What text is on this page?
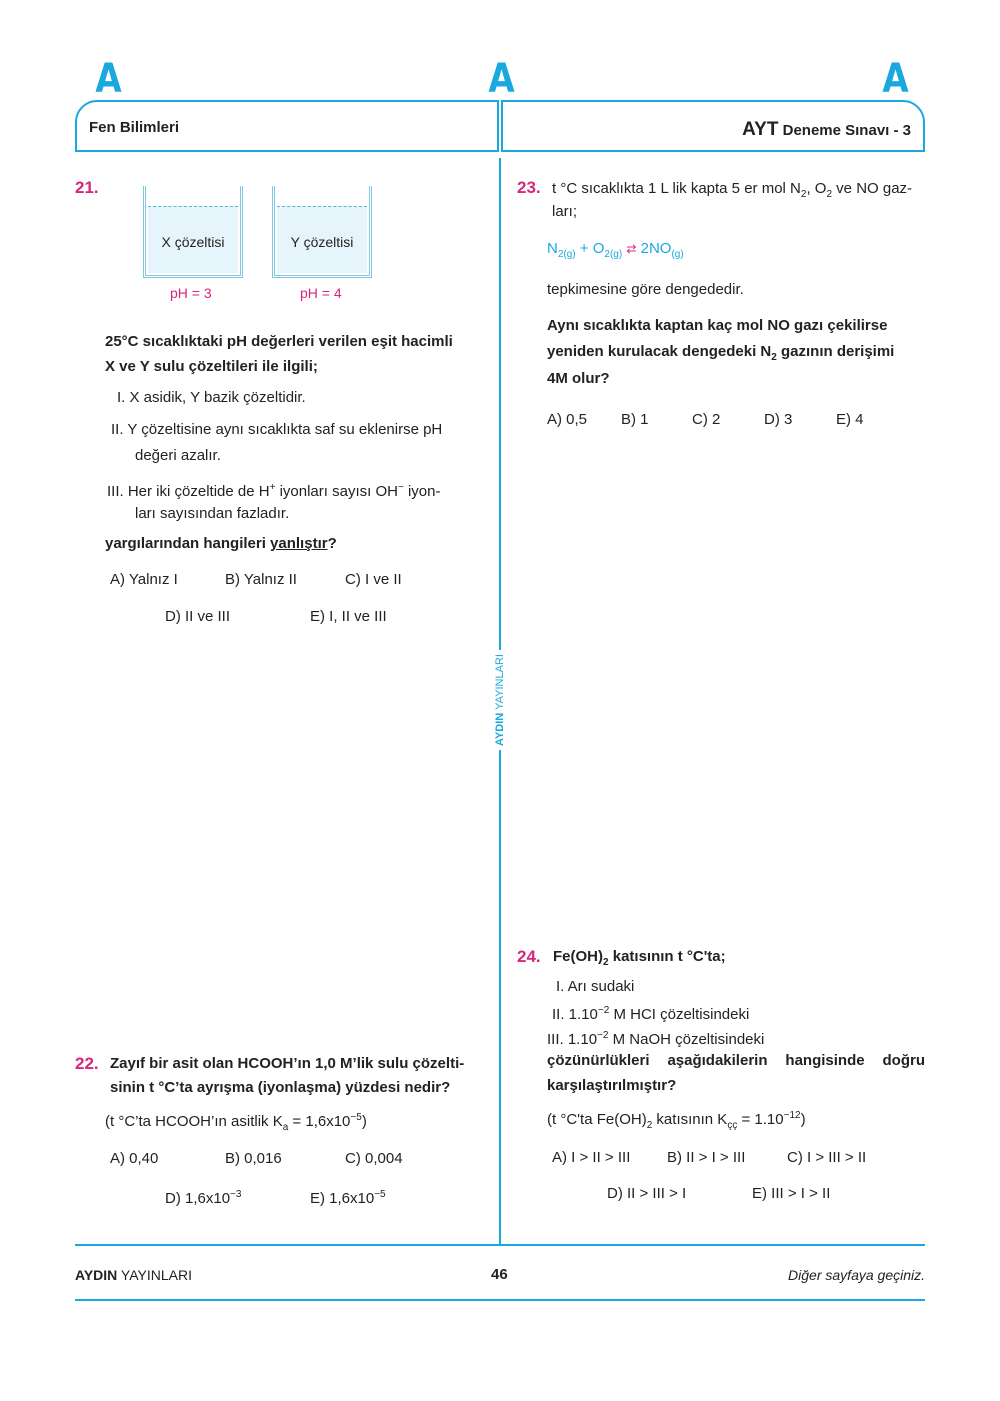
A	A	A
Fen Bilimleri	AYT Deneme Sınavı - 3
AYDIN YAYINLARI
21.
X çözeltisi	Y çözeltisi
pH = 3	pH = 4
25°C sıcaklıktaki pH değerleri verilen eşit hacimli
X ve Y sulu çözeltileri ile ilgili;
I. X asidik, Y bazik çözeltidir.
II. Y çözeltisine aynı sıcaklıkta saf su eklenirse pH
değeri azalır.
III. Her iki çözeltide de H+ iyonları sayısı OH− iyon-
ları sayısından fazladır.
yargılarından hangileri yanlıştır?
A) Yalnız I	B) Yalnız II	C) I ve II
D) II ve III	E) I, II ve III
22. Zayıf bir asit olan HCOOH’ın 1,0 M’lik sulu çözelti-
sinin t °C’ta ayrışma (iyonlaşma) yüzdesi nedir?
(t °C’ta HCOOH’ın asitlik $K_a = 1,6x10^{-5}$)
A) 0,40	B) 0,016	C) 0,004
D) $1,6x10^{-3}$	E) $1,6x10^{-5}$
23. t °C sıcaklıkta 1 L lik kapta 5 er mol $N_2$, $O_2$ ve NO gaz-
ları;
$N_{2(g)} + O_{2(g)}$ ⇄ $2NO_{(g)}$
tepkimesine göre dengededir.
Aynı sıcaklıkta kaptan kaç mol NO gazı çekilirse
yeniden kurulacak dengedeki $N_2$ gazının derişimi
4M olur?
A) 0,5 B) 1	C) 2	D) 3	E) 4
24. $Fe(OH)_2$ katısının t °C'ta;
I. Arı sudaki
II. $1.10^{-2}$ M HCI çözeltisindeki
III. $1.10^{-2}$ M NaOH çözeltisindeki
çözünürlükleri aşağıdakilerin hangisinde doğru
karşılaştırılmıştır?
(t °C'ta $Fe(OH)_2$ katısının $K_{çç} = 1.10^{-12}$)
A) I > II > III B) II > I > III	C) I > III > II
D) II > III > I	E) III > I > II
AYDIN YAYINLARI	46	Diğer sayfaya geçiniz.
